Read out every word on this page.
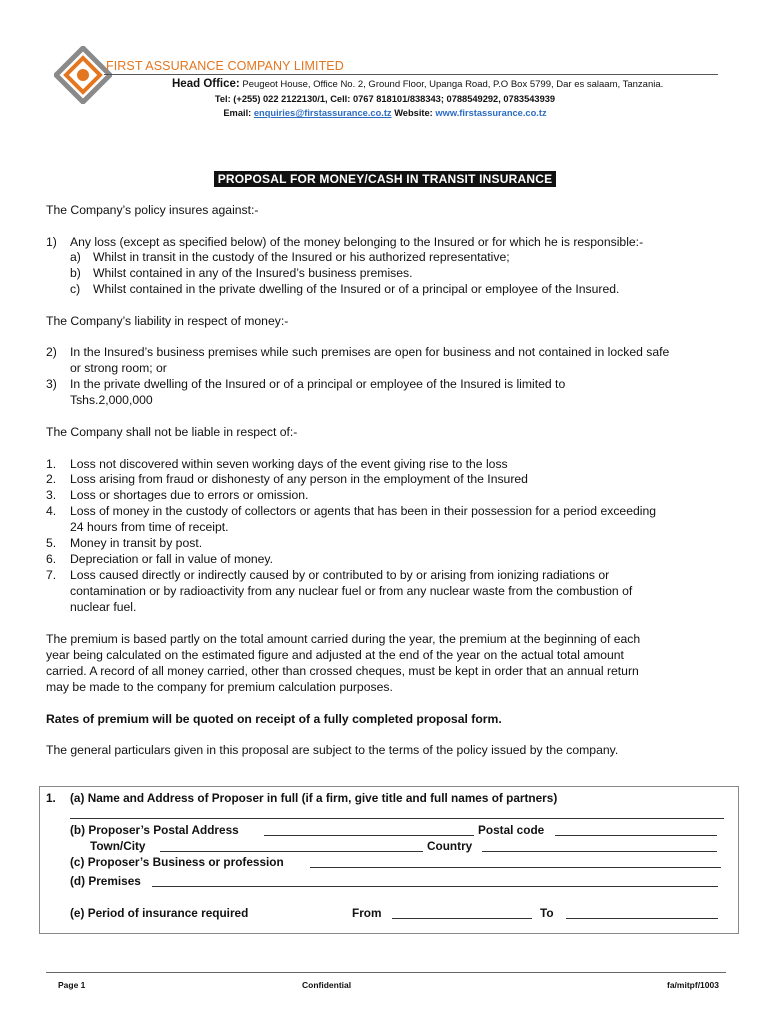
FIRST ASSURANCE COMPANY LIMITED
Head Office: Peugeot House, Office No. 2, Ground Floor, Upanga Road, P.O Box 5799, Dar es salaam, Tanzania.
Tel: (+255) 022 2122130/1, Cell: 0767 818101/838343; 0788549292, 0783543939
Email: enquiries@firstassurance.co.tz Website: www.firstassurance.co.tz
PROPOSAL FOR MONEY/CASH IN TRANSIT INSURANCE
The Company’s policy insures against:-
1) Any loss (except as specified below) of the money belonging to the Insured or for which he is responsible:-
a) Whilst in transit in the custody of the Insured or his authorized representative;
b) Whilst contained in any of the Insured’s business premises.
c) Whilst contained in the private dwelling of the Insured or of a principal or employee of the Insured.
The Company’s liability in respect of money:-
2) In the Insured’s business premises while such premises are open for business and not contained in locked safe
or strong room; or
3) In the private dwelling of the Insured or of a principal or employee of the Insured is limited to
Tshs.2,000,000
The Company shall not be liable in respect of:-
1. Loss not discovered within seven working days of the event giving rise to the loss
2. Loss arising from fraud or dishonesty of any person in the employment of the Insured
3. Loss or shortages due to errors or omission.
4. Loss of money in the custody of collectors or agents that has been in their possession for a period exceeding
24 hours from time of receipt.
5. Money in transit by post.
6. Depreciation or fall in value of money.
7. Loss caused directly or indirectly caused by or contributed to by or arising from ionizing radiations or
contamination or by radioactivity from any nuclear fuel or from any nuclear waste from the combustion of
nuclear fuel.
The premium is based partly on the total amount carried during the year, the premium at the beginning of each
year being calculated on the estimated figure and adjusted at the end of the year on the actual total amount
carried. A record of all money carried, other than crossed cheques, must be kept in order that an annual return
may be made to the company for premium calculation purposes.
Rates of premium will be quoted on receipt of a fully completed proposal form.
The general particulars given in this proposal are subject to the terms of the policy issued by the company.
1. (a) Name and Address of Proposer in full (if a firm, give title and full names of partners)
(b) Proposer’s Postal Address	Postal code
Town/City	Country
(c) Proposer’s Business or profession
(d) Premises
(e) Period of insurance required	From	To
Page 1	Confidential	fa/mitpf/1003
